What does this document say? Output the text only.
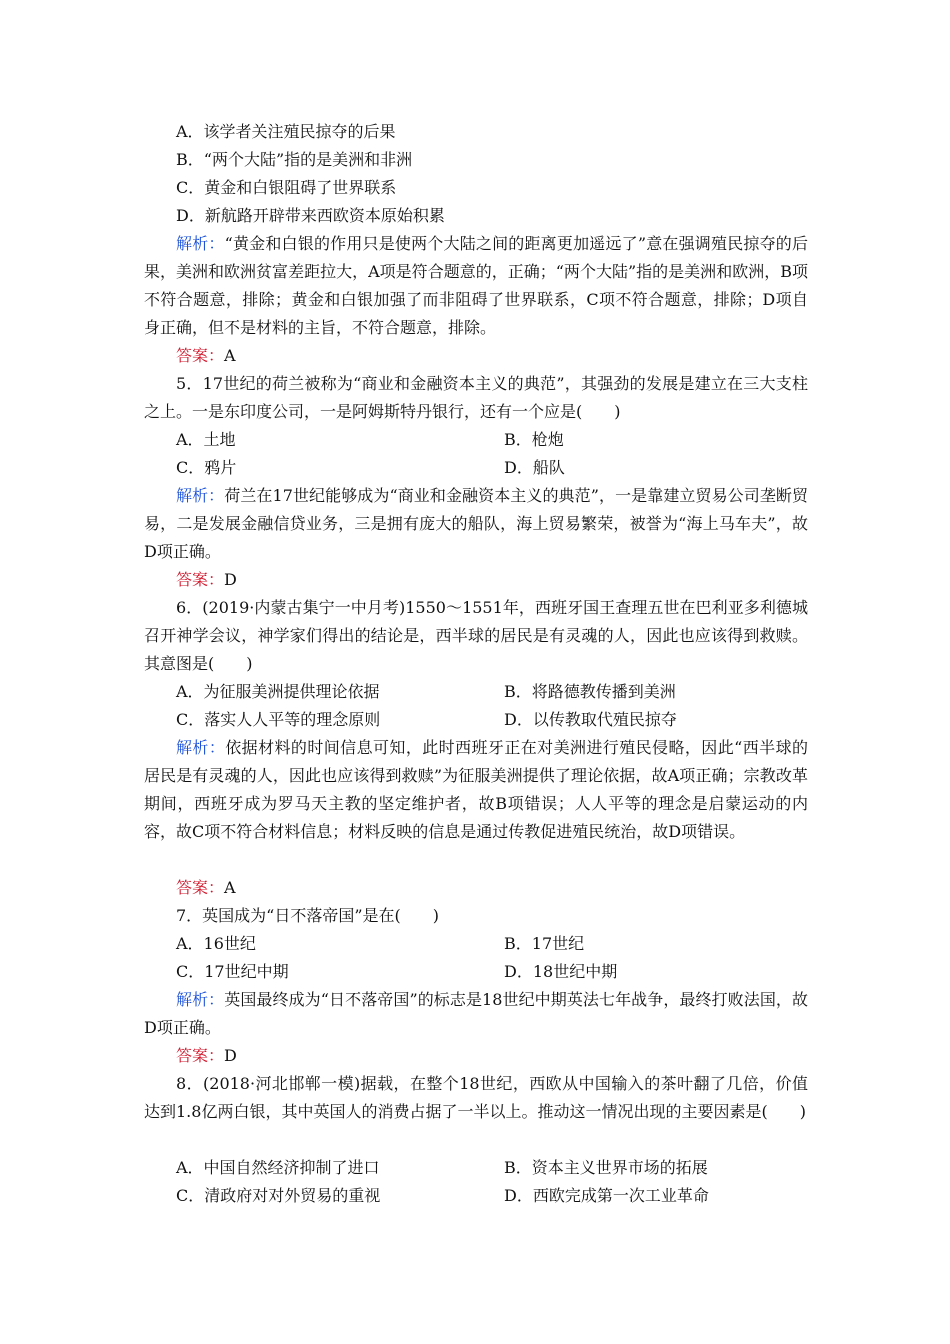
A．该学者关注殖民掠夺的后果
B．“两个大陆”指的是美洲和非洲
C．黄金和白银阻碍了世界联系
D．新航路开辟带来西欧资本原始积累
解析：“黄金和白银的作用只是使两个大陆之间的距离更加遥远了”意在强调殖民掠夺的后果，美洲和欧洲贫富差距拉大，A项是符合题意的，正确；“两个大陆”指的是美洲和欧洲，B项不符合题意，排除；黄金和白银加强了而非阻碍了世界联系，C项不符合题意，排除；D项自身正确，但不是材料的主旨，不符合题意，排除。
答案：A
5．17世纪的荷兰被称为“商业和金融资本主义的典范”，其强劲的发展是建立在三大支柱之上。一是东印度公司，一是阿姆斯特丹银行，还有一个应是(　　)
A．土地	B．枪炮
C．鸦片	D．船队
解析：荷兰在17世纪能够成为“商业和金融资本主义的典范”，一是靠建立贸易公司垄断贸易，二是发展金融信贷业务，三是拥有庞大的船队，海上贸易繁荣，被誉为“海上马车夫”，故D项正确。
答案：D
6．(2019·内蒙古集宁一中月考)1550～1551年，西班牙国王查理五世在巴利亚多利德城召开神学会议，神学家们得出的结论是，西半球的居民是有灵魂的人，因此也应该得到救赎。其意图是(　　)
A．为征服美洲提供理论依据	B．将路德教传播到美洲
C．落实人人平等的理念原则	D．以传教取代殖民掠夺
解析：依据材料的时间信息可知，此时西班牙正在对美洲进行殖民侵略，因此“西半球的居民是有灵魂的人，因此也应该得到救赎”为征服美洲提供了理论依据，故A项正确；宗教改革期间，西班牙成为罗马天主教的坚定维护者，故B项错误；人人平等的理念是启蒙运动的内容，故C项不符合材料信息；材料反映的信息是通过传教促进殖民统治，故D项错误。
答案：A
7．英国成为“日不落帝国”是在(　　)
A．16世纪	B．17世纪
C．17世纪中期	D．18世纪中期
解析：英国最终成为“日不落帝国”的标志是18世纪中期英法七年战争，最终打败法国，故D项正确。
答案：D
8．(2018·河北邯郸一模)据载，在整个18世纪，西欧从中国输入的茶叶翻了几倍，价值达到1.8亿两白银，其中英国人的消费占据了一半以上。推动这一情况出现的主要因素是(　　)
A．中国自然经济抑制了进口	B．资本主义世界市场的拓展
C．清政府对对外贸易的重视	D．西欧完成第一次工业革命
